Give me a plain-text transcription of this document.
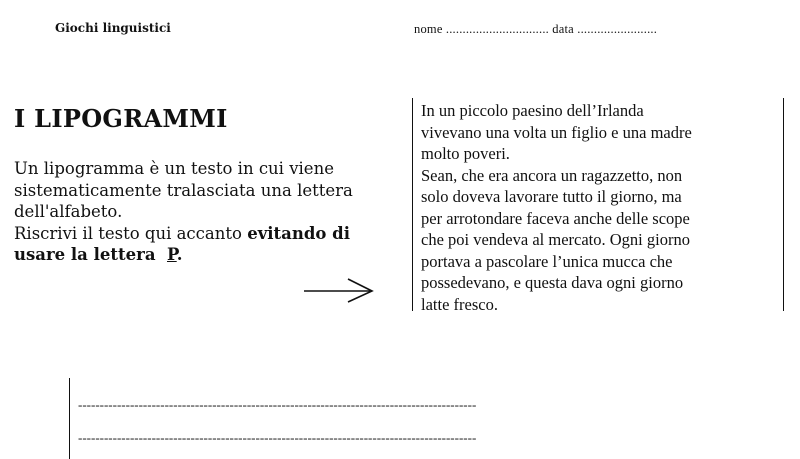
Giochi linguistici	nome ............................... data ........................
I LIPOGRAMMI
Un lipogramma è un testo in cui viene
sistematicamente tralasciata una lettera
dell'alfabeto.
Riscrivi il testo qui accanto evitando di
usare la lettera  P.
In un piccolo paesino dell’Irlanda
vivevano una volta un figlio e una madre
molto poveri.
Sean, che era ancora un ragazzetto, non
solo doveva lavorare tutto il giorno, ma
per arrotondare faceva anche delle scope
che poi vendeva al mercato. Ogni giorno
portava a pascolare l’unica mucca che
possedevano, e questa dava ogni giorno
latte fresco.
--------------------------------------------------------------------------------------------
--------------------------------------------------------------------------------------------
